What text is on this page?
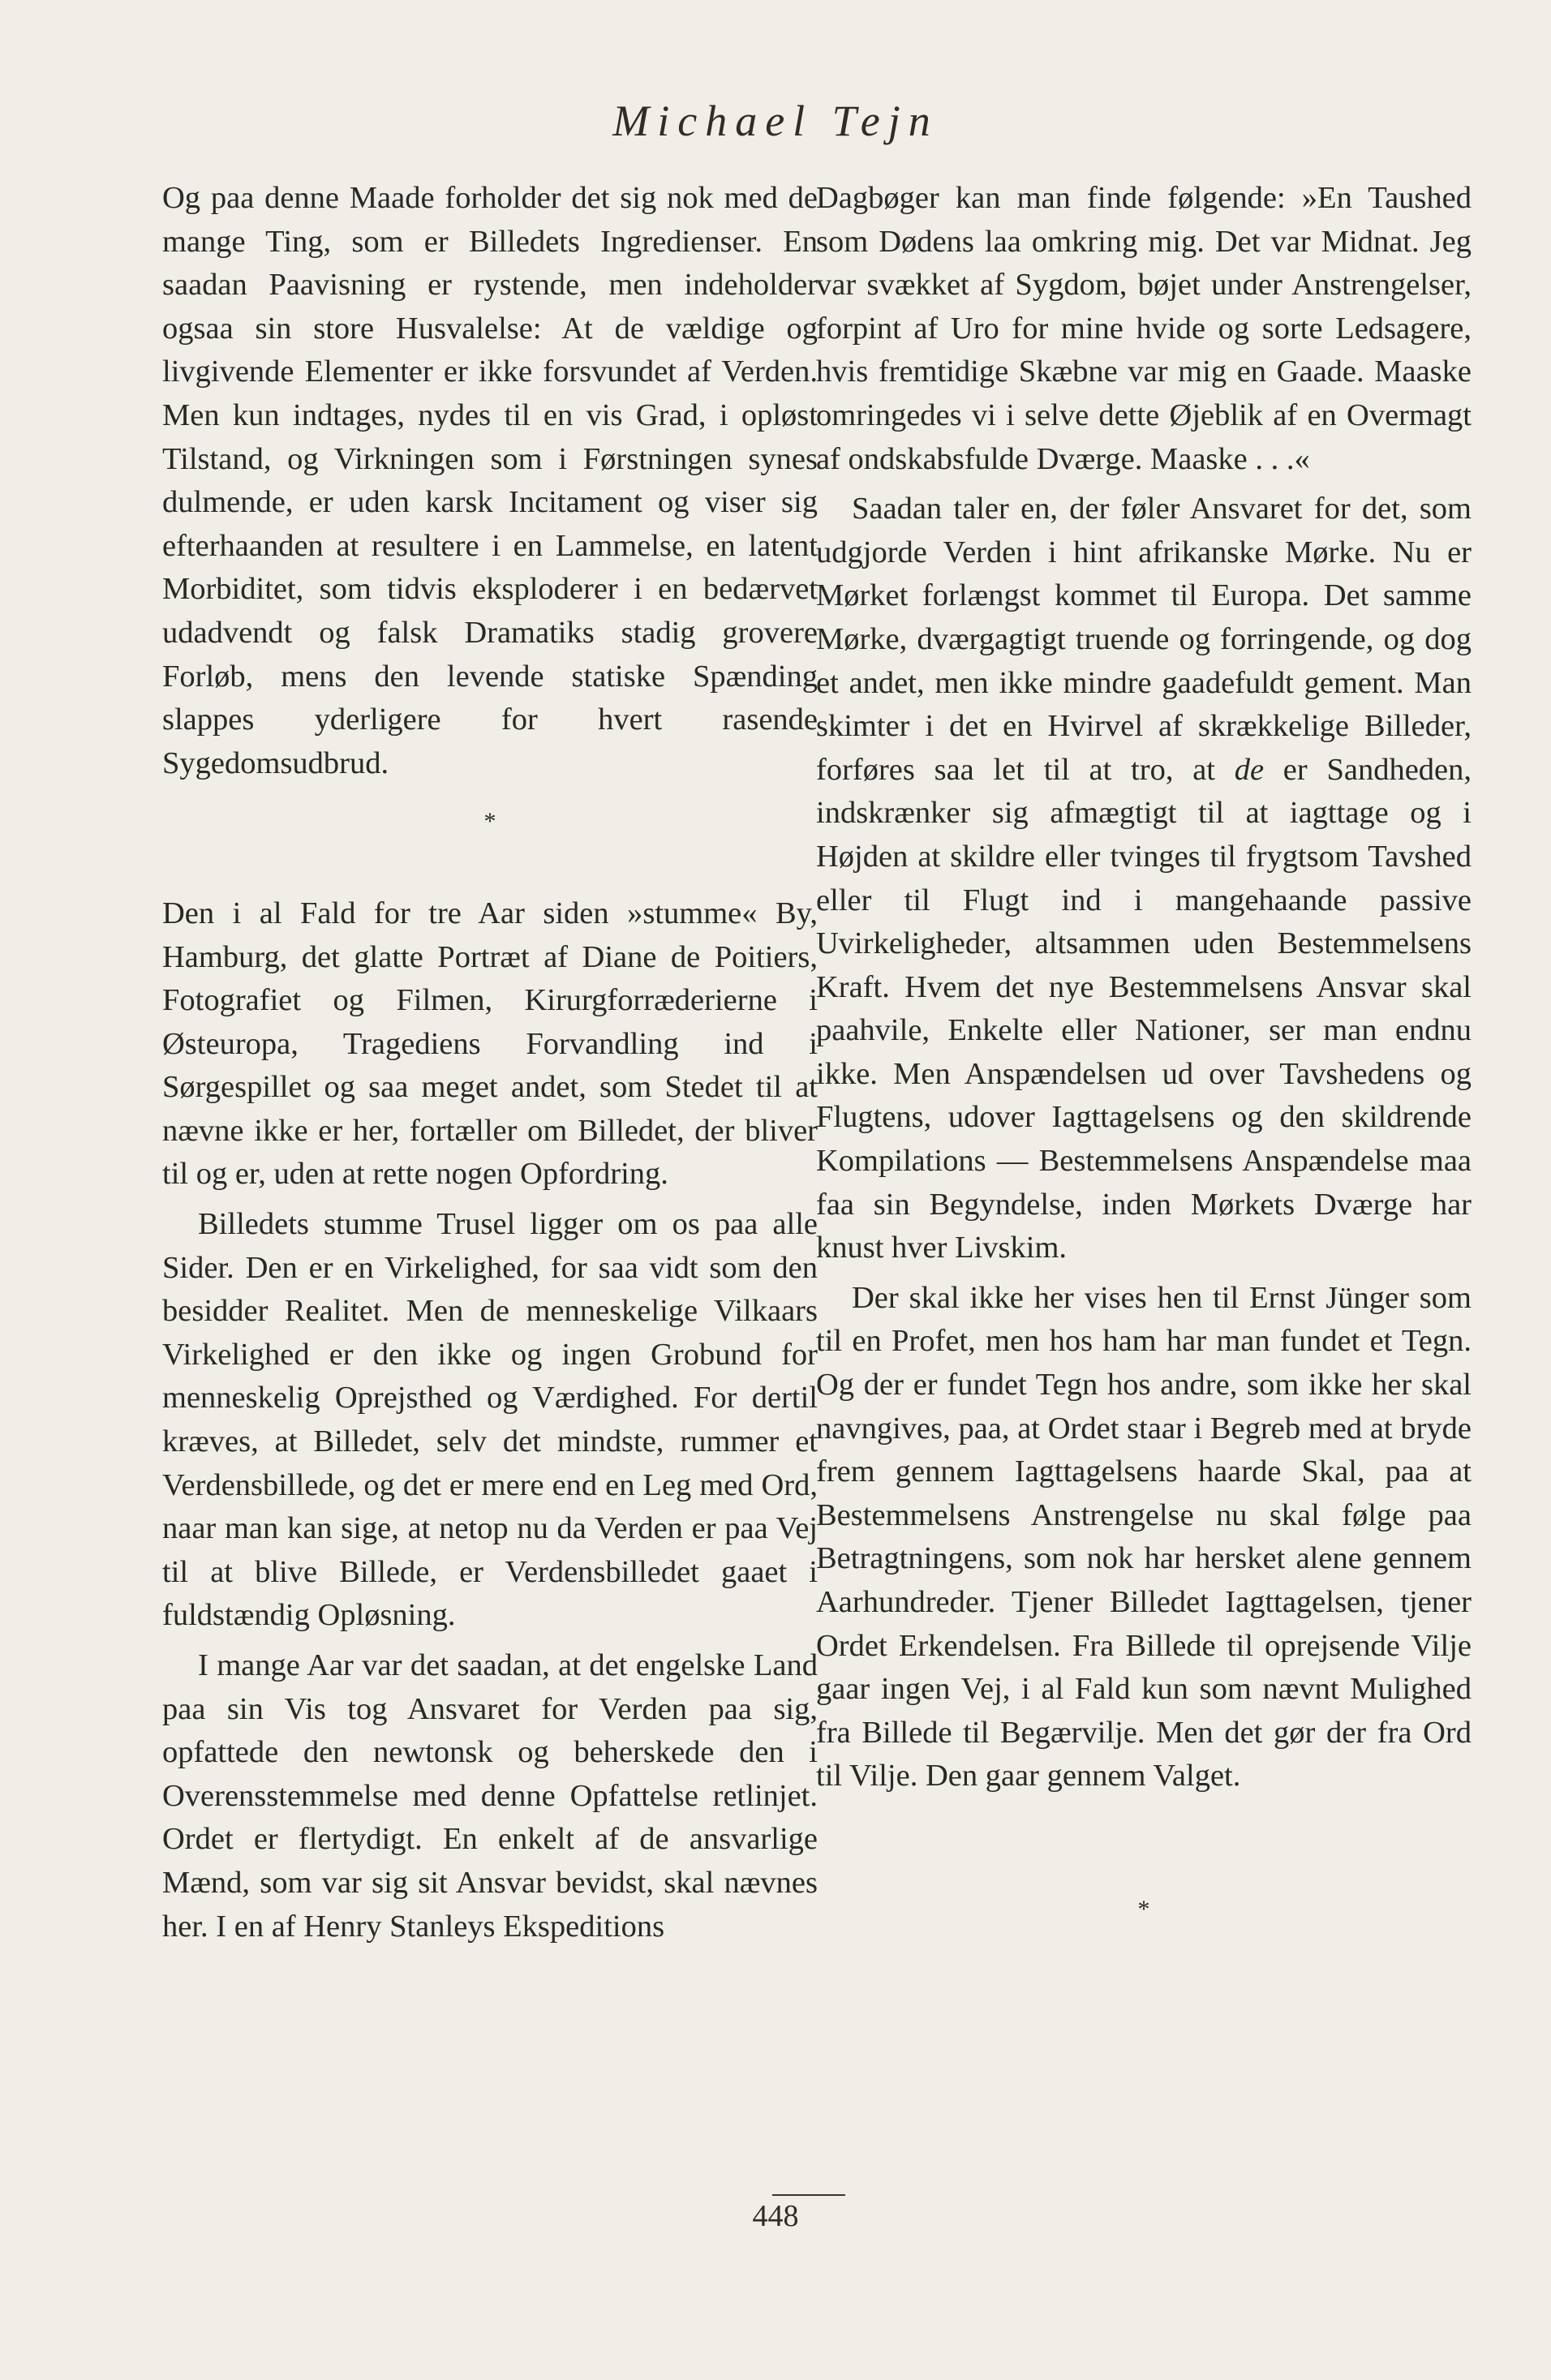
Michael Tejn

Og paa denne Maade forholder det sig nok med de mange Ting, som er Billedets Ingredienser. En saadan Paavisning er rystende, men indeholder ogsaa sin store Husvalelse: At de vældige og livgivende Elementer er ikke forsvundet af Verden. Men kun indtages, nydes til en vis Grad, i opløst Tilstand, og Virkningen som i Førstningen synes dulmende, er uden karsk Incitament og viser sig efterhaanden at resultere i en Lammelse, en latent Morbiditet, som tidvis eksploderer i en bedærvet udadvendt og falsk Dramatiks stadig grovere Forløb, mens den levende statiske Spænding slappes yderligere for hvert rasende Sygedomsudbrud.

*

Den i al Fald for tre Aar siden »stumme« By, Hamburg, det glatte Portræt af Diane de Poitiers, Fotografiet og Filmen, Kirurgforræderierne i Østeuropa, Tragediens Forvandling ind i Sørgespillet og saa meget andet, som Stedet til at nævne ikke er her, fortæller om Billedet, der bliver til og er, uden at rette nogen Opfordring.

Billedets stumme Trusel ligger om os paa alle Sider. Den er en Virkelighed, for saa vidt som den besidder Realitet. Men de menneskelige Vilkaars Virkelighed er den ikke og ingen Grobund for menneskelig Oprejsthed og Værdighed. For dertil kræves, at Billedet, selv det mindste, rummer et Verdensbillede, og det er mere end en Leg med Ord, naar man kan sige, at netop nu da Verden er paa Vej til at blive Billede, er Verdensbilledet gaaet i fuldstændig Opløsning.

I mange Aar var det saadan, at det engelske Land paa sin Vis tog Ansvaret for Verden paa sig, opfattede den newtonsk og beherskede den i Overensstemmelse med denne Opfattelse retlinjet. Ordet er flertydigt. En enkelt af de ansvarlige Mænd, som var sig sit Ansvar bevidst, skal nævnes her. I en af Henry Stanleys Ekspeditions

Dagbøger kan man finde følgende: »En Taushed som Dødens laa omkring mig. Det var Midnat. Jeg var svækket af Sygdom, bøjet under Anstrengelser, forpint af Uro for mine hvide og sorte Ledsagere, hvis fremtidige Skæbne var mig en Gaade. Maaske omringedes vi i selve dette Øjeblik af en Overmagt af ondskabsfulde Dværge. Maaske . . .«

Saadan taler en, der føler Ansvaret for det, som udgjorde Verden i hint afrikanske Mørke. Nu er Mørket forlængst kommet til Europa. Det samme Mørke, dværgagtigt truende og forringende, og dog et andet, men ikke mindre gaadefuldt gement. Man skimter i det en Hvirvel af skrækkelige Billeder, forføres saa let til at tro, at de er Sandheden, indskrænker sig afmægtigt til at iagttage og i Højden at skildre eller tvinges til frygtsom Tavshed eller til Flugt ind i mangehaande passive Uvirkeligheder, altsammen uden Bestemmelsens Kraft. Hvem det nye Bestemmelsens Ansvar skal paahvile, Enkelte eller Nationer, ser man endnu ikke. Men Anspændelsen ud over Tavshedens og Flugtens, udover Iagttagelsens og den skildrende Kompilations — Bestemmelsens Anspændelse maa faa sin Begyndelse, inden Mørkets Dværge har knust hver Livskim.

Der skal ikke her vises hen til Ernst Jünger som til en Profet, men hos ham har man fundet et Tegn. Og der er fundet Tegn hos andre, som ikke her skal navngives, paa, at Ordet staar i Begreb med at bryde frem gennem Iagttagelsens haarde Skal, paa at Bestemmelsens Anstrengelse nu skal følge paa Betragtningens, som nok har hersket alene gennem Aarhundreder. Tjener Billedet Iagttagelsen, tjener Ordet Erkendelsen. Fra Billede til oprejsende Vilje gaar ingen Vej, i al Fald kun som nævnt Mulighed fra Billede til Begærvilje. Men det gør der fra Ord til Vilje. Den gaar gennem Valget.

*
448
